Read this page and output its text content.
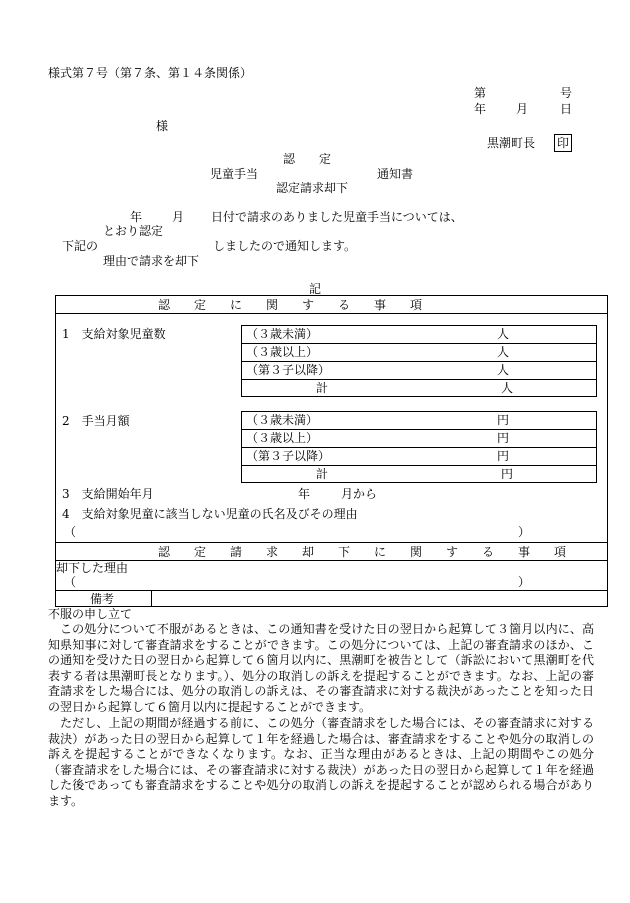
様式第７号（第７条、第１４条関係）
第	号
年 月	日
様
黒潮町長 印
認　　定
児童手当	通知書
認定請求却下
年 月 日付で請求のありました児童手当については、
とおり認定
下記の	しましたので通知します。
理由で請求を却下
記
認　　定　　に　　関　　す　　る　　事　　項
1　支給対象児童数	（３歳未満）	人
（３歳以上）	人
（第３子以降）	人
計	人
2　手当月額	（３歳未満）	円
（３歳以上）	円
（第３子以降）	円
計	円
3　支給開始年月	年	月から
4　支給対象児童に該当しない児童の氏名及びその理由
（	）
認　　定　　請　　求　　却　　下　　に　　関　　す　　る　　事　　項
却下した理由
（	）
備考
不服の申し立て
この処分について不服があるときは、この通知書を受けた日の翌日から起算して３箇月以内に、高知県知事に対して審査請求をすることができます。この処分については、上記の審査請求のほか、この通知を受けた日の翌日から起算して６箇月以内に、黒潮町を被告として（訴訟において黒潮町を代表する者は黒潮町長となります。）、処分の取消しの訴えを提起することができます。なお、上記の審査請求をした場合には、処分の取消しの訴えは、その審査請求に対する裁決があったことを知った日の翌日から起算して６箇月以内に提起することができます。
ただし、上記の期間が経過する前に、この処分（審査請求をした場合には、その審査請求に対する裁決）があった日の翌日から起算して１年を経過した場合は、審査請求をすることや処分の取消しの訴えを提起することができなくなります。なお、正当な理由があるときは、上記の期間やこの処分（審査請求をした場合には、その審査請求に対する裁決）があった日の翌日から起算して１年を経過した後であっても審査請求をすることや処分の取消しの訴えを提起することが認められる場合があります。
